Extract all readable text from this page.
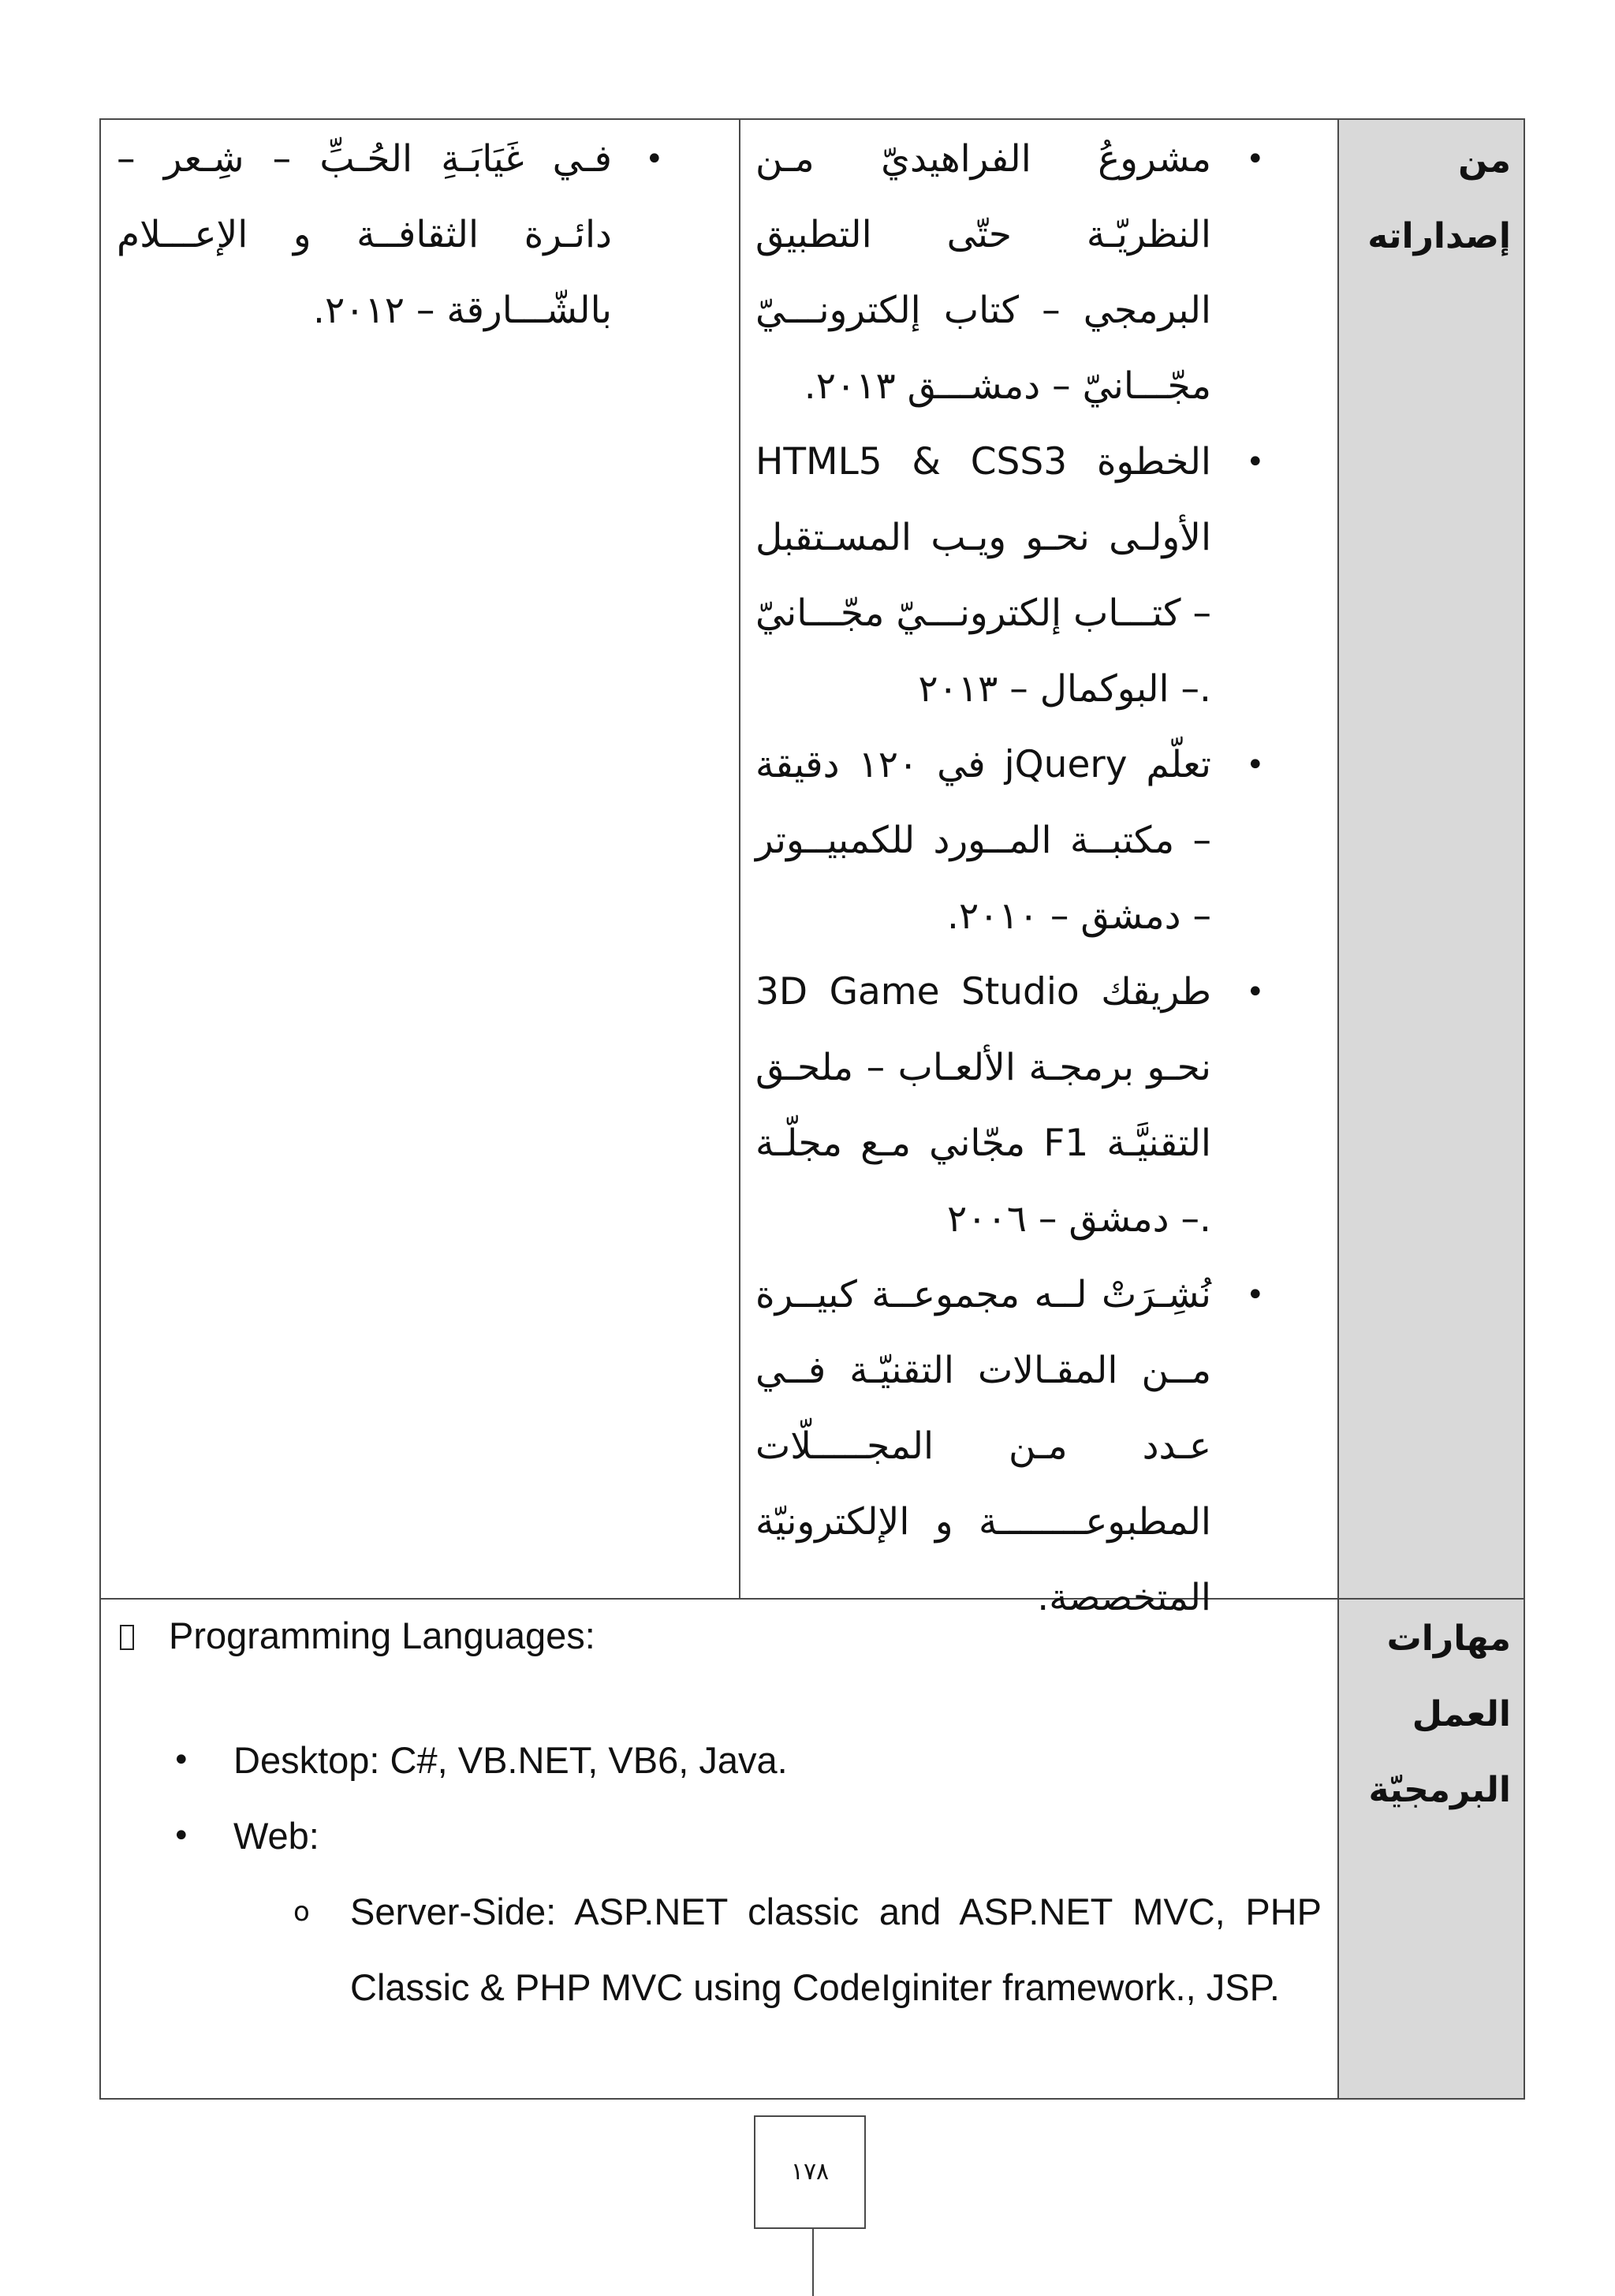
من
إصداراته
•
مشروعُ الفراهيديّ مـن النظريّـة حتّى التطبيق البرمجي – كتاب إلكترونـــيّ مجّـــانيّ – دمشـــق ٢٠١٣.
•
HTML5 & CSS3 الخطوة الأولـى نحـو ويـب المسـتقبل – كتـــاب إلكترونـــيّ مجّـــانيّ – البوكمال – ٢٠١٣.
•
تعلّم jQuery في ١٢٠ دقيقة – مكتبــة المــورد للكمبيــوتر – دمشق – ٢٠١٠.
•
3D Game Studio طريقك نحـو برمجـة الألعـاب – ملحـق مجّاني مـع مجلّـة F1 التقنيَّـة – دمشق – ٢٠٠٦.
•
نُشِـرَتْ لــه مجموعــة كبيــرة مــن المقـالات التقنيّـة فــي عـدد مـن المجـــــلّات المطبوعــــــــة و الإلكترونيّة المتخصصة.
•
فـي غَيَابَـةِ الحُـبِّ – شِـعر – دائـرة الثقافــة و الإعـــلام بالشّـــارقة – ٢٠١٢.
مهارات
العمل
البرمجيّة
Programming Languages:
• Desktop: C#, VB.NET, VB6, Java.
• Web:
o Server-Side: ASP.NET classic and ASP.NET MVC, PHP Classic & PHP MVC using CodeIginiter framework., JSP.
١٧٨
